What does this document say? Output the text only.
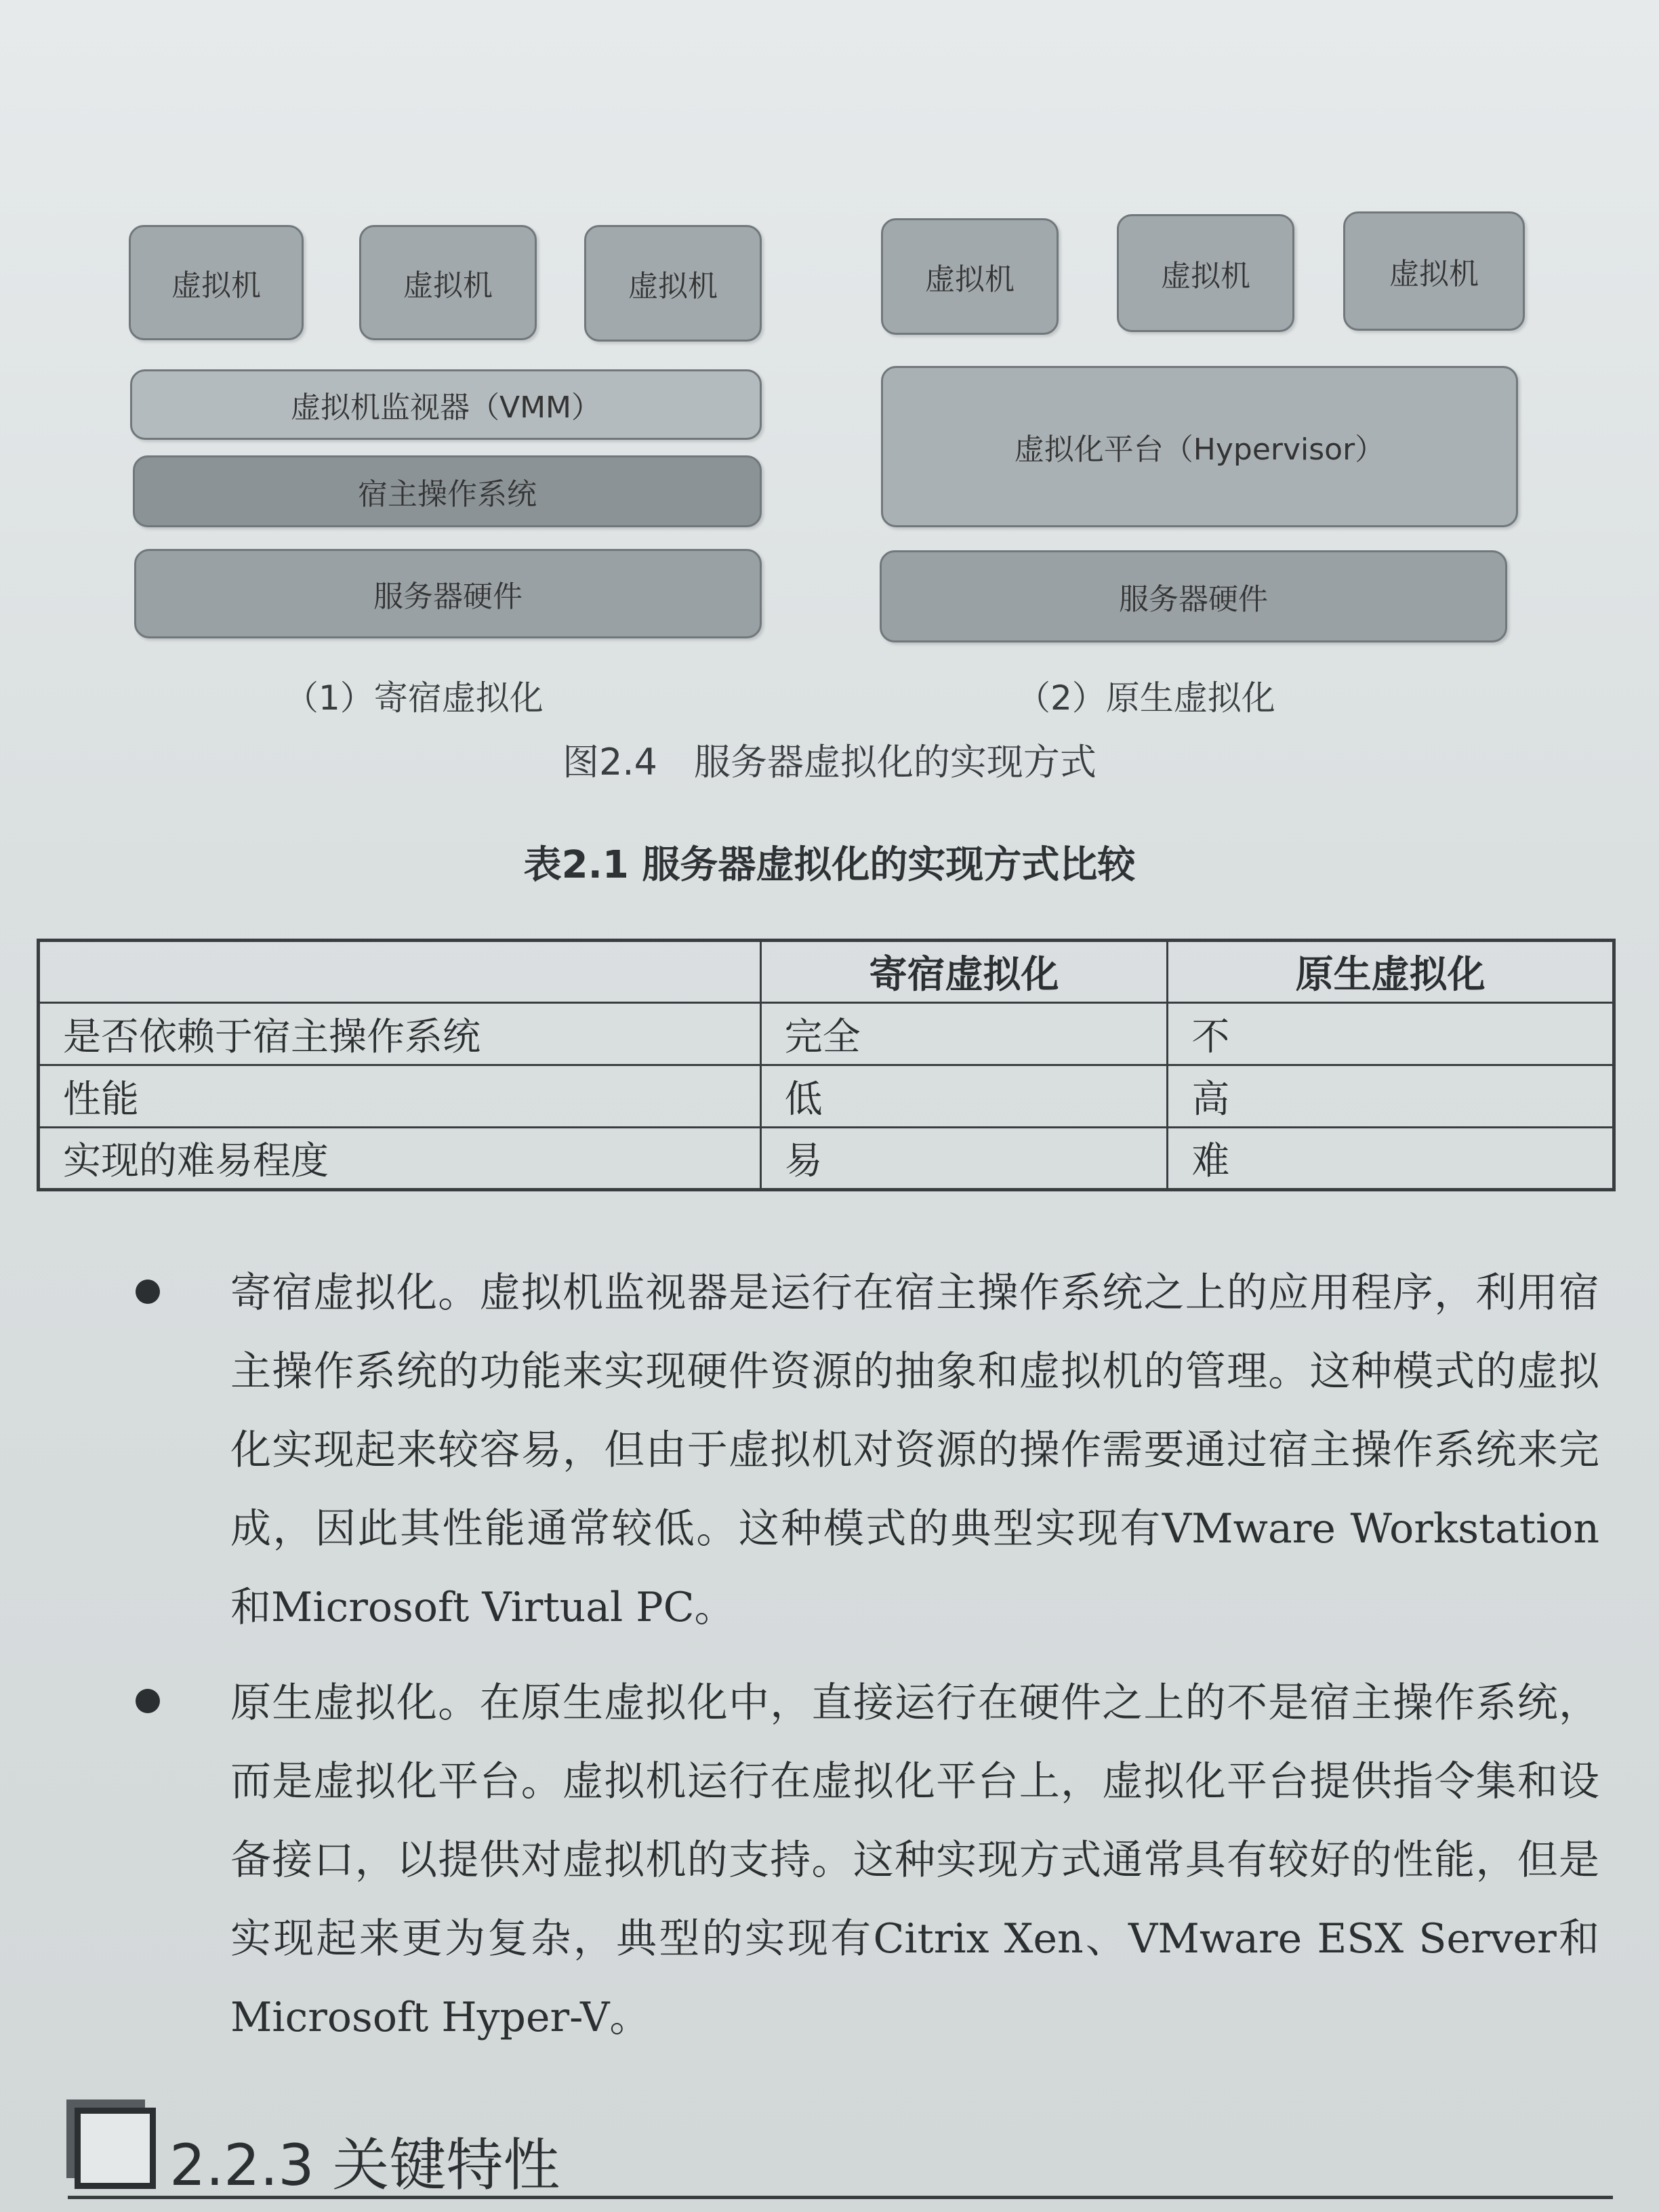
虚拟机	虚拟机	虚拟机
虚拟机监视器（VMM）
宿主操作系统
服务器硬件
（1）寄宿虚拟化
虚拟机	虚拟机	虚拟机
虚拟化平台（Hypervisor）
服务器硬件
（2）原生虚拟化
图2.4　服务器虚拟化的实现方式
表2.1 服务器虚拟化的实现方式比较
	寄宿虚拟化	原生虚拟化
是否依赖于宿主操作系统	完全	不
性能	低	高
实现的难易程度	易	难
寄宿虚拟化。虚拟机监视器是运行在宿主操作系统之上的应用程序，利用宿主操作系统的功能来实现硬件资源的抽象和虚拟机的管理。这种模式的虚拟化实现起来较容易，但由于虚拟机对资源的操作需要通过宿主操作系统来完成，因此其性能通常较低。这种模式的典型实现有VMware Workstation和Microsoft Virtual PC。
原生虚拟化。在原生虚拟化中，直接运行在硬件之上的不是宿主操作系统，而是虚拟化平台。虚拟机运行在虚拟化平台上，虚拟化平台提供指令集和设备接口，以提供对虚拟机的支持。这种实现方式通常具有较好的性能，但是实现起来更为复杂，典型的实现有Citrix Xen、VMware ESX Server和Microsoft Hyper-V。
2.2.3 关键特性
